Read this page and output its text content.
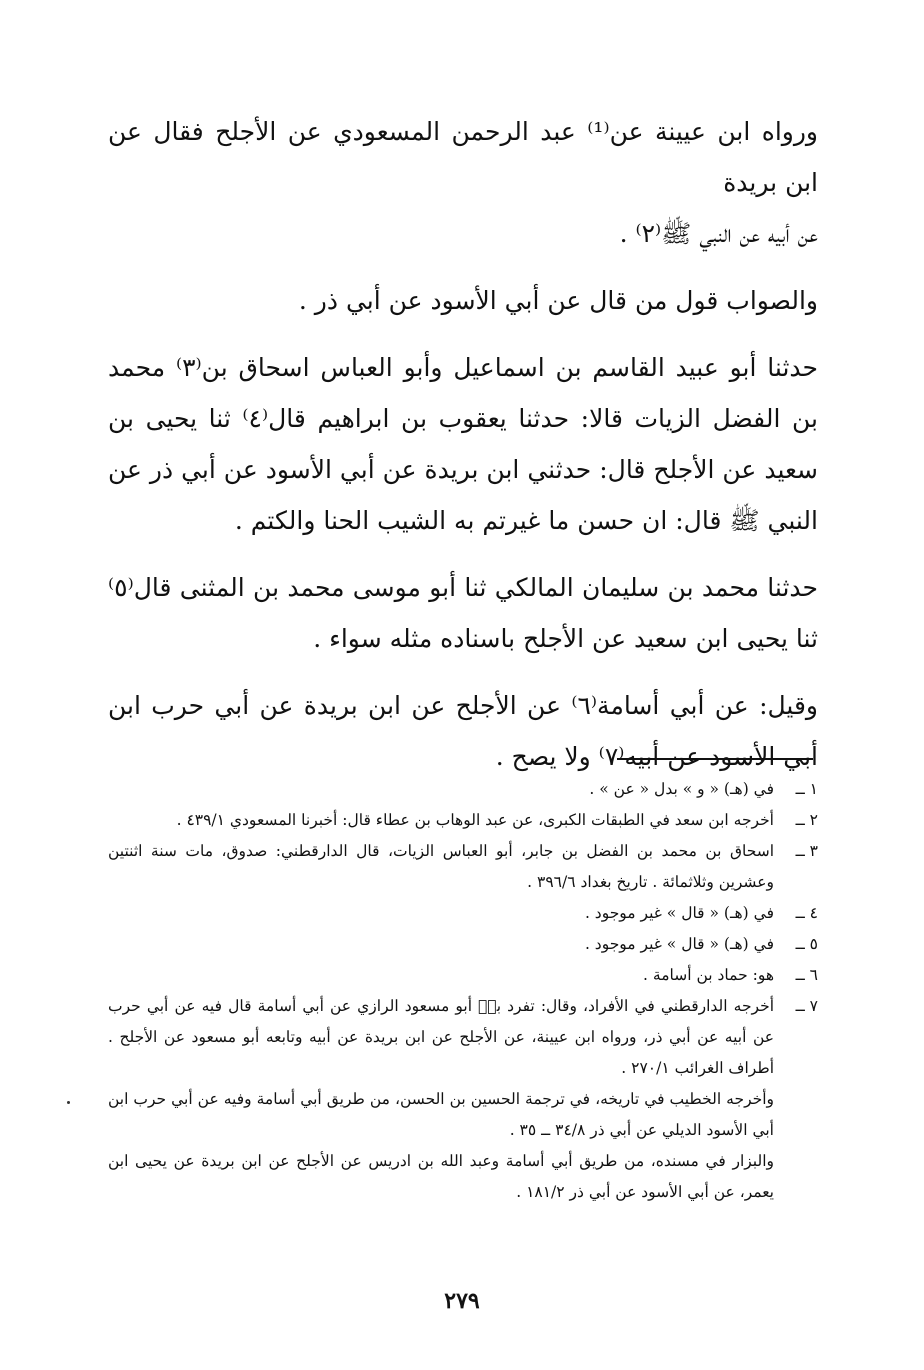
ورواه ابن عيينة عن⁽¹⁾ عبد الرحمن المسعودي عن الأجلح فقال عن ابن بريدة
عن أبيه عن النبي ﷺ⁽٢⁾ .

والصواب قول من قال عن أبي الأسود عن أبي ذر .

حدثنا أبو عبيد القاسم بن اسماعيل وأبو العباس اسحاق بن⁽٣⁾ محمد بن الفضل الزيات قالا: حدثنا يعقوب بن ابراهيم قال⁽٤⁾ ثنا يحيى بن سعيد عن الأجلح قال: حدثني ابن بريدة عن أبي الأسود عن أبي ذر عن النبي ﷺ قال: ان حسن ما غيرتم به الشيب الحنا والكتم .

حدثنا محمد بن سليمان المالكي ثنا أبو موسى محمد بن المثنى قال⁽٥⁾ ثنا يحيى ابن سعيد عن الأجلح باسناده مثله سواء .

وقيل: عن أبي أسامة⁽٦⁾ عن الأجلح عن ابن بريدة عن أبي حرب ابن أبي الأسود عن أبيه⁽٧⁾ ولا يصح .

١ ــ
في (هـ) « و » بدل « عن » .
٢ ــ
أخرجه ابن سعد في الطبقات الكبرى، عن عبد الوهاب بن عطاء قال: أخبرنا المسعودي ٤٣٩/١ .
٣ ــ
اسحاق بن محمد بن الفضل بن جابر، أبو العباس الزيات، قال الدارقطني: صدوق، مات سنة اثنتين وعشرين وثلاثمائة . تاريخ بغداد ٣٩٦/٦ .
٤ ــ
في (هـ) « قال » غير موجود .
٥ ــ
في (هـ) « قال » غير موجود .
٦ ــ
هو: حماد بن أسامة .
٧ ــ
أخرجه الدارقطني في الأفراد، وقال: تفرد بهٖ أبو مسعود الرازي عن أبي أسامة قال فيه عن أبي حرب عن أبيه عن أبي ذر، ورواه ابن عيينة، عن الأجلح عن ابن بريدة عن أبيه وتابعه أبو مسعود عن الأجلح . أطراف الغرائب ٢٧٠/١ .
وأخرجه الخطيب في تاريخه، في ترجمة الحسين بن الحسن، من طريق أبي أسامة وفيه عن أبي حرب ابن أبي الأسود الديلي عن أبي ذر ٣٤/٨ ــ ٣٥ .
والبزار في مسنده، من طريق أبي أسامة وعبد الله بن ادريس عن الأجلح عن ابن بريدة عن يحيى ابن يعمر، عن أبي الأسود عن أبي ذر ١٨١/٢ .
٢٧٩
